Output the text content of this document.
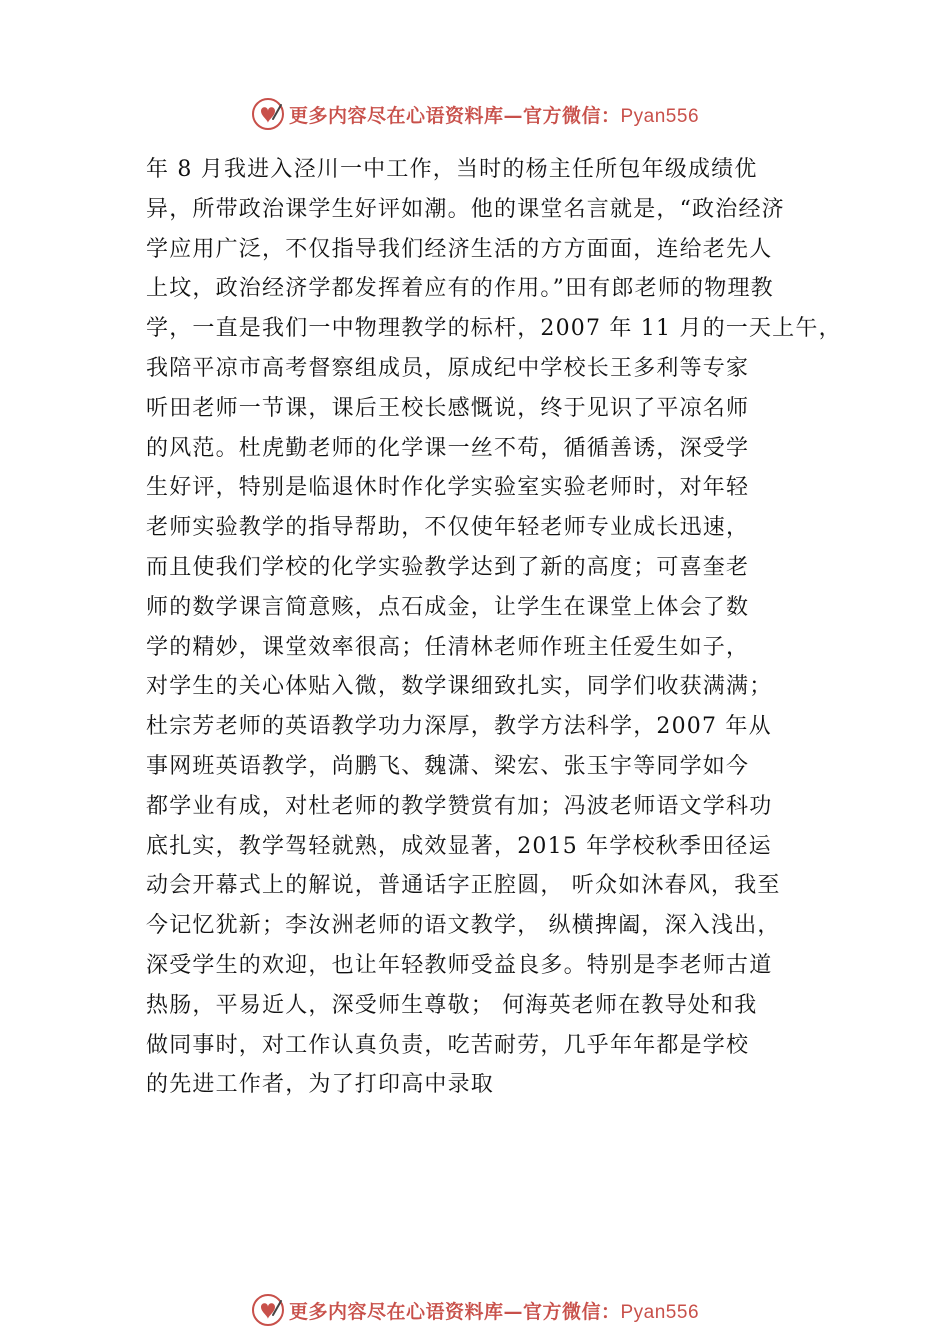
更多内容尽在心语资料库—官方微信：Pyan556
年 8 月我进入泾川一中工作，当时的杨主任所包年级成绩优
异，所带政治课学生好评如潮。他的课堂名言就是，“政治经济
学应用广泛，不仅指导我们经济生活的方方面面，连给老先人
上坟，政治经济学都发挥着应有的作用。”田有郎老师的物理教
学，一直是我们一中物理教学的标杆，2007 年 11 月的一天上午，
我陪平凉市高考督察组成员，原成纪中学校长王多利等专家
听田老师一节课，课后王校长感慨说，终于见识了平凉名师
的风范。杜虎勤老师的化学课一丝不苟，循循善诱，深受学
生好评，特别是临退休时作化学实验室实验老师时，对年轻
老师实验教学的指导帮助，不仅使年轻老师专业成长迅速，
而且使我们学校的化学实验教学达到了新的高度；可喜奎老
师的数学课言简意赅，点石成金，让学生在课堂上体会了数
学的精妙，课堂效率很高；任清林老师作班主任爱生如子，
对学生的关心体贴入微，数学课细致扎实，同学们收获满满；
杜宗芳老师的英语教学功力深厚，教学方法科学，2007 年从
事网班英语教学，尚鹏飞、魏潇、梁宏、张玉宇等同学如今
都学业有成，对杜老师的教学赞赏有加；冯波老师语文学科功
底扎实，教学驾轻就熟，成效显著，2015 年学校秋季田径运
动会开幕式上的解说，普通话字正腔圆， 听众如沐春风，我至
今记忆犹新；李汝洲老师的语文教学， 纵横捭阖，深入浅出，
深受学生的欢迎，也让年轻教师受益良多。特别是李老师古道
热肠，平易近人，深受师生尊敬； 何海英老师在教导处和我
做同事时，对工作认真负责，吃苦耐劳，几乎年年都是学校
的先进工作者，为了打印高中录取
更多内容尽在心语资料库—官方微信：Pyan556
